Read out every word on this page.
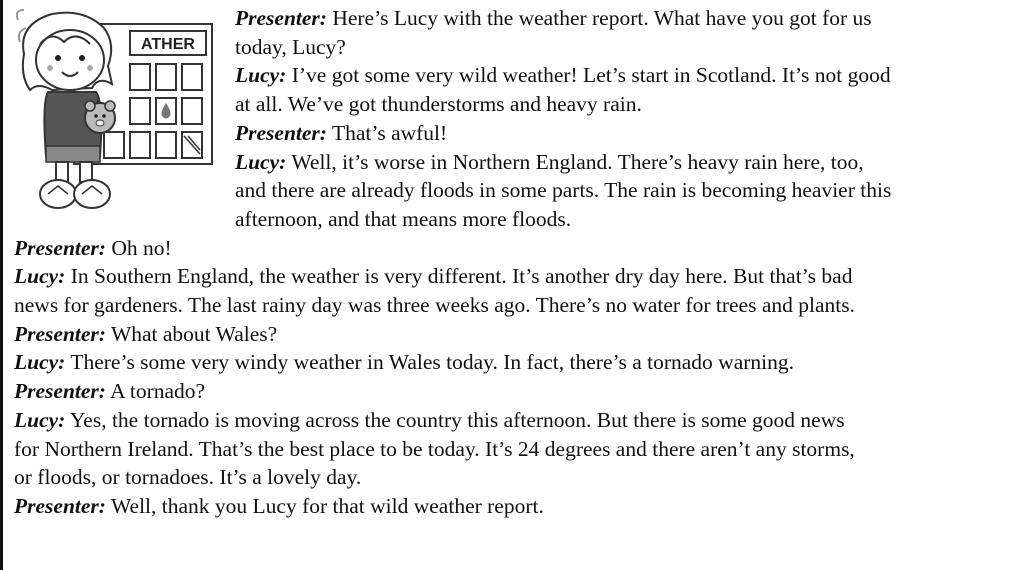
ATHER
Presenter: Here’s Lucy with the weather report. What have you got for us
today, Lucy?
Lucy: I’ve got some very wild weather! Let’s start in Scotland. It’s not good
at all. We’ve got thunderstorms and heavy rain.
Presenter: That’s awful!
Lucy: Well, it’s worse in Northern England. There’s heavy rain here, too,
and there are already floods in some parts. The rain is becoming heavier this
afternoon, and that means more floods.
Presenter: Oh no!
Lucy: In Southern England, the weather is very different. It’s another dry day here. But that’s bad
news for gardeners. The last rainy day was three weeks ago. There’s no water for trees and plants.
Presenter: What about Wales?
Lucy: There’s some very windy weather in Wales today. In fact, there’s a tornado warning.
Presenter: A tornado?
Lucy: Yes, the tornado is moving across the country this afternoon. But there is some good news
for Northern Ireland. That’s the best place to be today. It’s 24 degrees and there aren’t any storms,
or floods, or tornadoes. It’s a lovely day.
Presenter: Well, thank you Lucy for that wild weather report.
